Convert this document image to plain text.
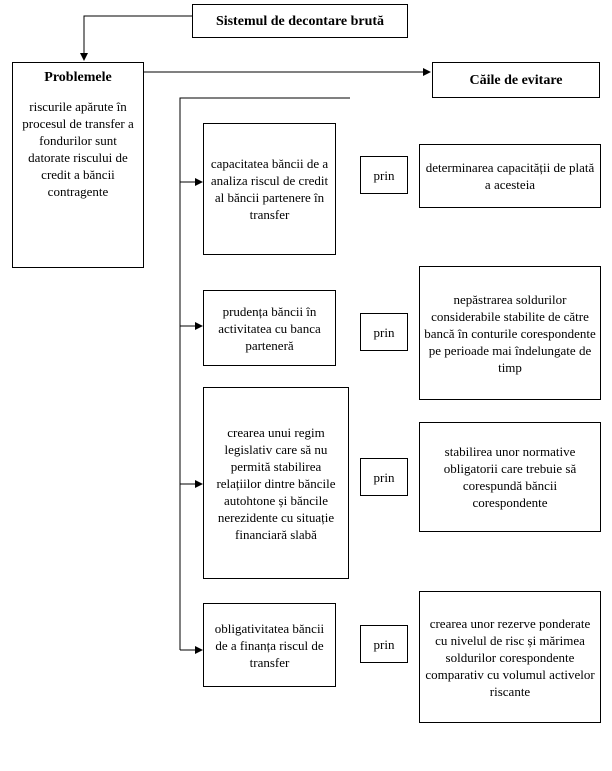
Sistemul de decontare brută
Problemele
riscurile apărute în procesul de transfer a fondurilor sunt datorate riscului de credit a băncii contragente
Căile de evitare
capacitatea băncii de a analiza riscul de credit al băncii partenere în transfer
prin determinarea capacității de plată a acesteia
prudența băncii în activitatea cu banca parteneră
prin
nepăstrarea soldurilor considerabile stabilite de către bancă în conturile corespondente pe perioade mai îndelungate de timp
crearea unui regim legislativ care să nu permită stabilirea relațiilor dintre băncile autohtone și băncile nerezidente cu situație financiară slabă
prin
stabilirea unor normative obligatorii care trebuie să corespundă băncii corespondente
obligativitatea băncii de a finanța riscul de transfer
prin
crearea unor rezerve ponderate cu nivelul de risc și mărimea soldurilor corespondente comparativ cu volumul activelor riscante
